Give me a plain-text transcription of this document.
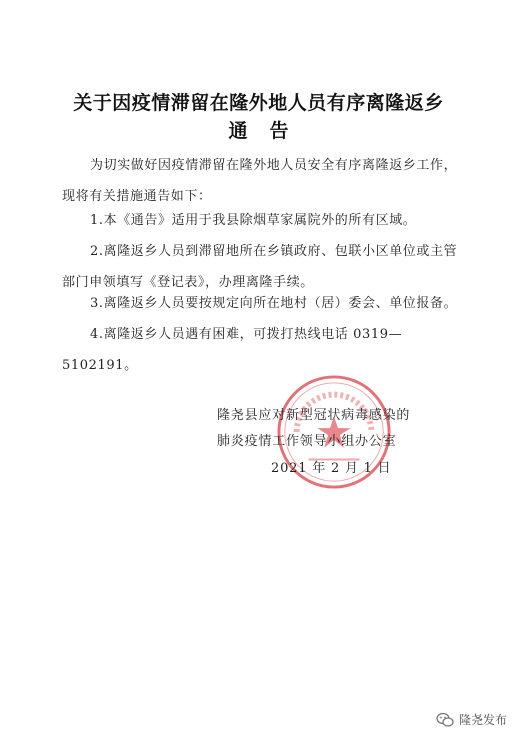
关于因疫情滞留在隆外地人员有序离隆返乡
通告
为切实做好因疫情滞留在隆外地人员安全有序离隆返乡工作，现将有关措施通告如下：
1.本《通告》适用于我县除烟草家属院外的所有区域。
2.离隆返乡人员到滞留地所在乡镇政府、包联小区单位或主管部门申领填写《登记表》，办理离隆手续。
3.离隆返乡人员要按规定向所在地村（居）委会、单位报备。
4.离隆返乡人员遇有困难，可拨打热线电话 0319—5102191。
隆尧县应对新型冠状病毒感染的
肺炎疫情工作领导小组办公室
2021 年 2 月 1 日
隆尧发布
